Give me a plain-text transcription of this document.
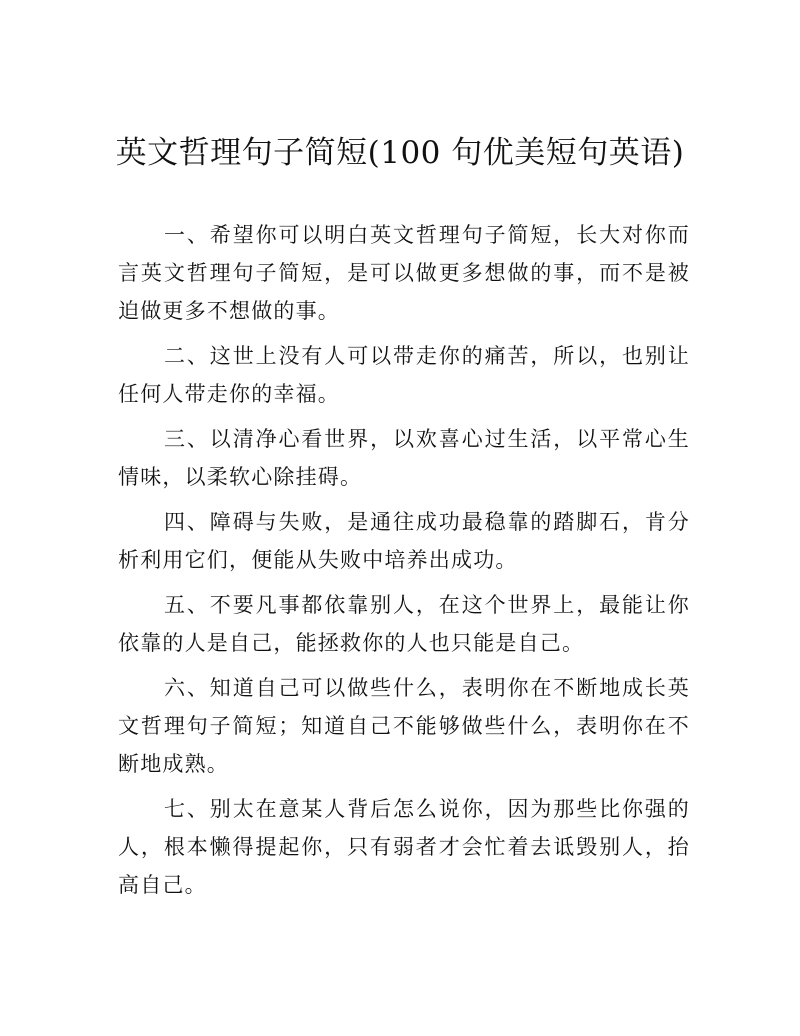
英文哲理句子简短(100 句优美短句英语)

一、希望你可以明白英文哲理句子简短，长大对你而言英文哲理句子简短，是可以做更多想做的事，而不是被迫做更多不想做的事。

二、这世上没有人可以带走你的痛苦，所以，也别让任何人带走你的幸福。

三、以清净心看世界，以欢喜心过生活，以平常心生情味，以柔软心除挂碍。

四、障碍与失败，是通往成功最稳靠的踏脚石，肯分析利用它们，便能从失败中培养出成功。

五、不要凡事都依靠别人，在这个世界上，最能让你依靠的人是自己，能拯救你的人也只能是自己。

六、知道自己可以做些什么，表明你在不断地成长英文哲理句子简短；知道自己不能够做些什么，表明你在不断地成熟。

七、别太在意某人背后怎么说你，因为那些比你强的人，根本懒得提起你，只有弱者才会忙着去诋毁别人，抬高自己。
